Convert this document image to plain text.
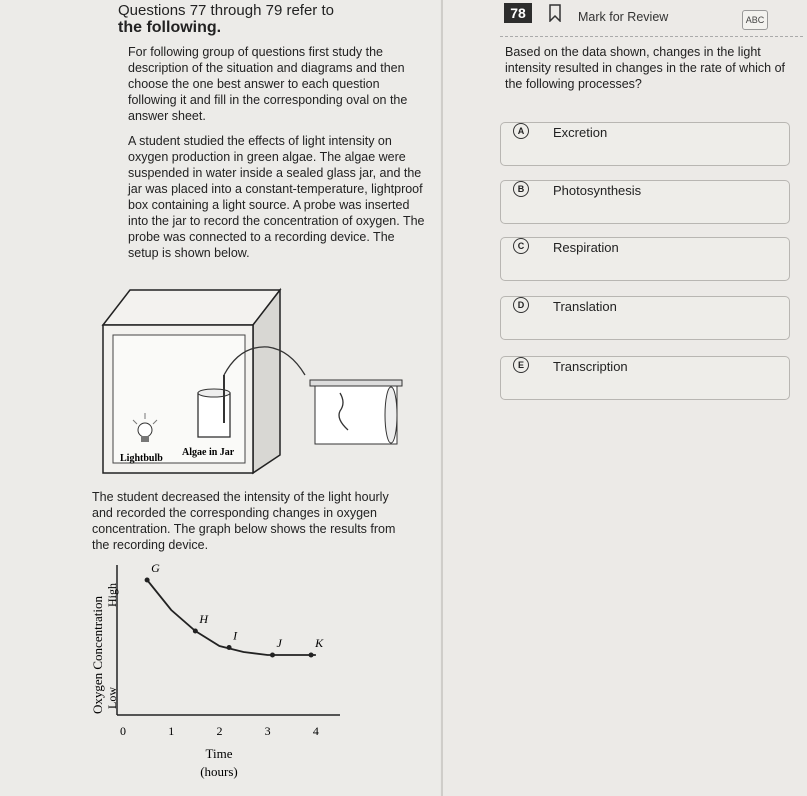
Questions 77 through 79 refer to
the following.

For following group of questions first study the description of the situation and diagrams and then choose the one best answer to each question following it and fill in the corresponding oval on the answer sheet.

A student studied the effects of light intensity on oxygen production in green algae. The algae were suspended in water inside a sealed glass jar, and the jar was placed into a constant-temperature, lightproof box containing a light source. A probe was inserted into the jar to record the concentration of oxygen. The probe was connected to a recording device. The setup is shown below.

Lightbulb
Algae in Jar

The student decreased the intensity of the light hourly and recorded the corresponding changes in oxygen concentration. The graph below shows the results from the recording device.

Oxygen Concentration
High
Low
G
H
I
J	K
0	1	2	3	4
Time
(hours)
78	Mark for Review	ABC
Based on the data shown, changes in the light intensity resulted in changes in the rate of which of the following processes?
A	Excretion
B	Photosynthesis
C	Respiration
D	Translation
E	Transcription
